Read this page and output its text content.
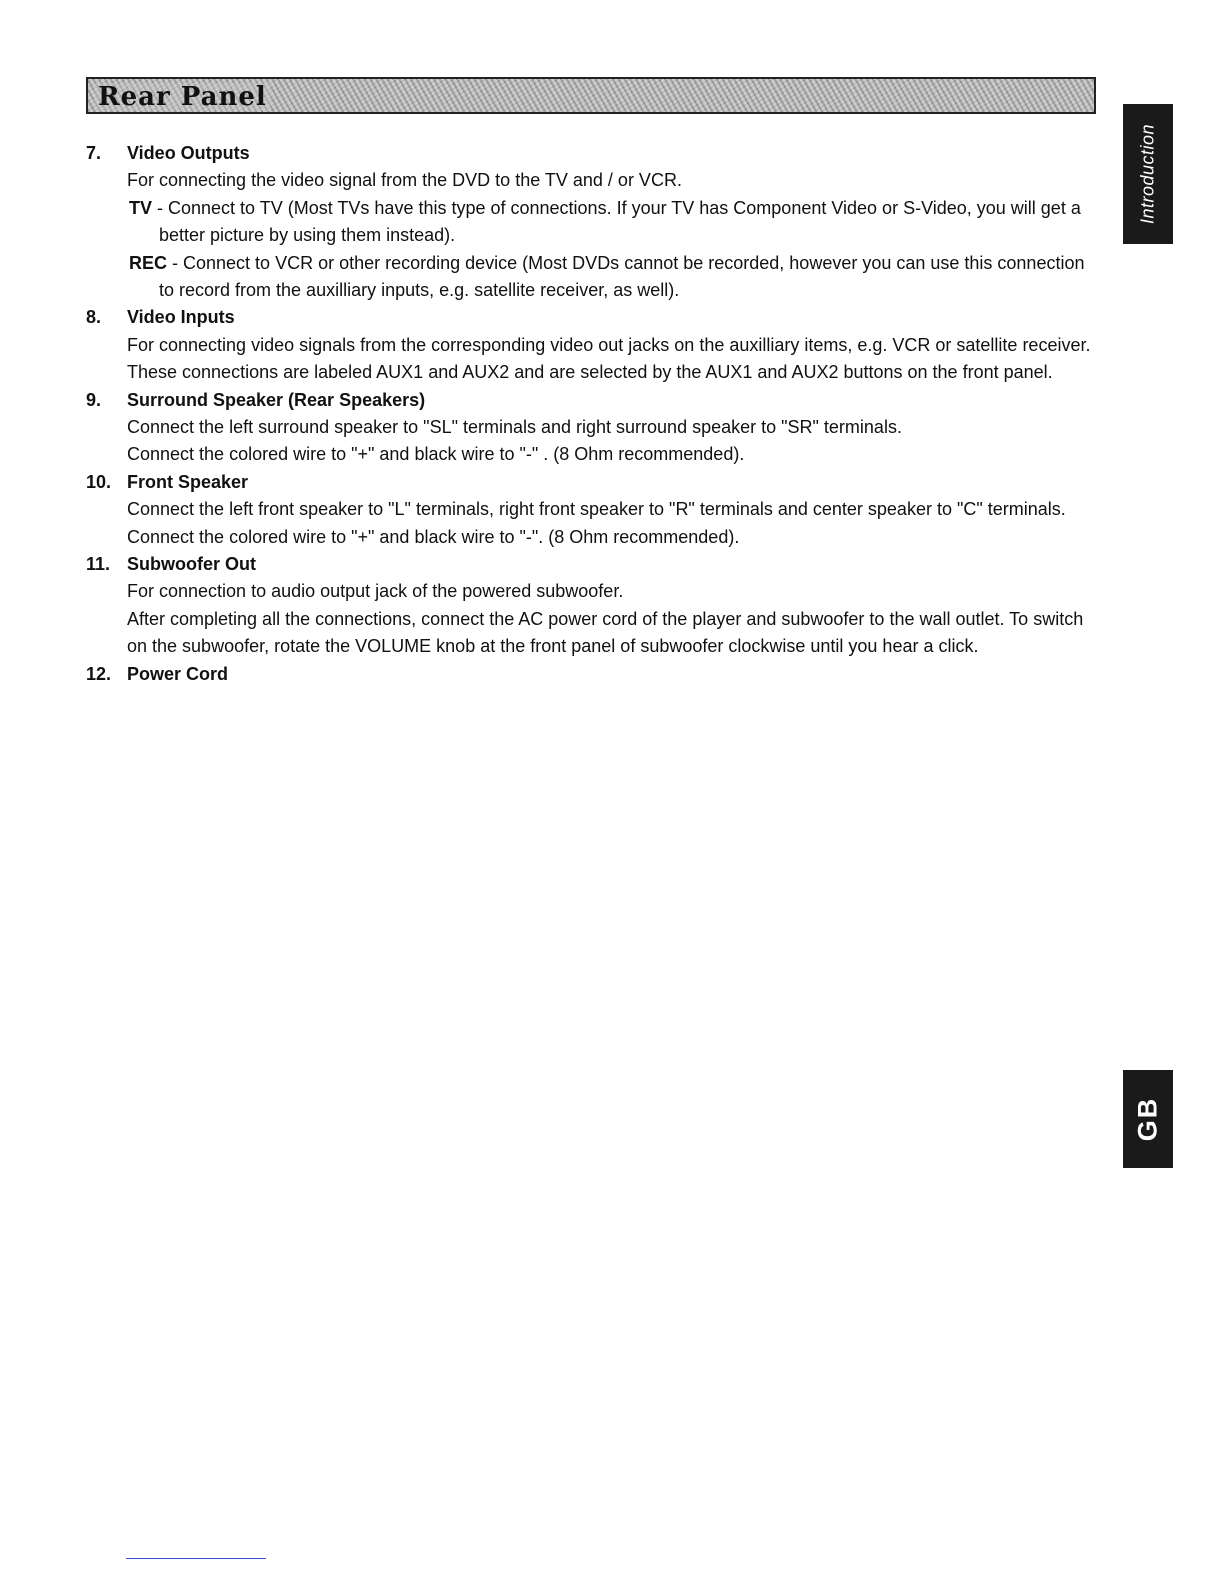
Rear Panel
Introduction
GB
7.	Video Outputs
For connecting the video signal from the DVD to the TV and / or VCR.
TV - Connect to TV (Most TVs have this type of connections. If your TV has Component Video or S-Video, you will get a better picture by using them instead).
REC - Connect to VCR or other recording device (Most DVDs cannot be recorded, however you can use this connection to record from the auxilliary inputs, e.g. satellite receiver, as well).
8.	Video Inputs
For connecting video signals from the corresponding video out jacks on the auxilliary items, e.g. VCR or satellite receiver. These connections are labeled AUX1 and AUX2 and are selected by the AUX1 and AUX2 buttons on the front panel.
9.	Surround Speaker (Rear Speakers)
Connect the left surround speaker to "SL" terminals and right surround speaker to "SR" terminals.
Connect the colored wire to "+" and black wire to "-" . (8 Ohm recommended).
10. Front Speaker
Connect the left front speaker to "L" terminals, right front speaker to "R" terminals and center speaker to "C" terminals. Connect the colored wire to "+" and black wire to "-". (8 Ohm recommended).
11. Subwoofer Out
For connection to audio output jack of the powered subwoofer.
After completing all the connections, connect the AC power cord of the player and subwoofer to the wall outlet. To switch on the subwoofer, rotate the VOLUME knob at the front panel of subwoofer clockwise until you hear a click.
12. Power Cord
